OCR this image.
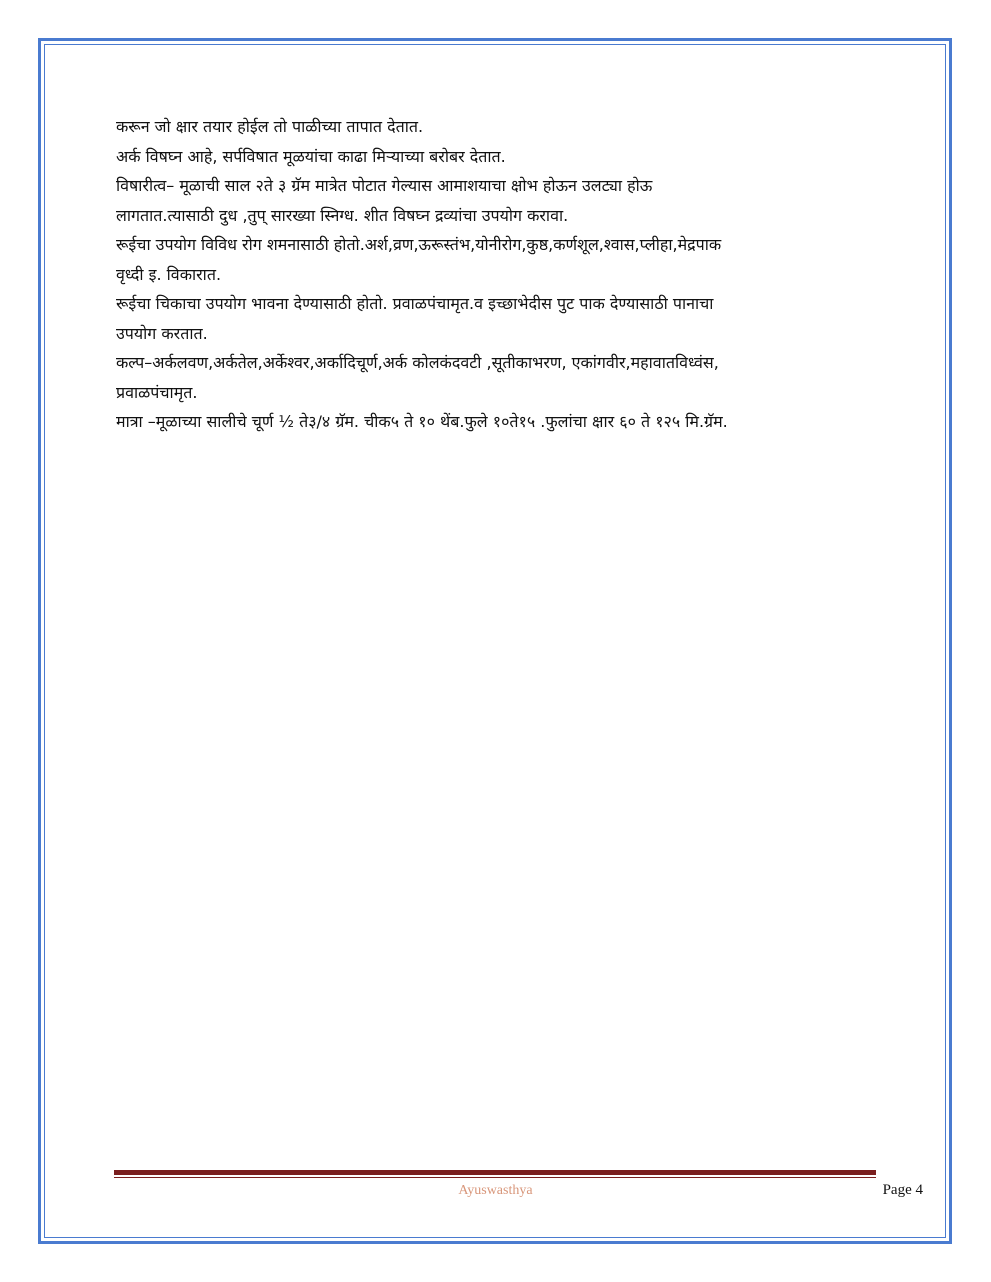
करून जो क्षार तयार होईल तो पाळीच्या तापात देतात.

अर्क विषघ्न आहे, सर्पविषात मूळयांचा काढा मिऱ्याच्या बरोबर देतात.

विषारीत्व– मूळाची साल २ते ३ ग्रॅम मात्रेत पोटात गेल्यास आमाशयाचा क्षोभ होऊन उलट्या होऊ

लागतात.त्यासाठी दुध ,तुप् सारख्या स्निग्ध. शीत विषघ्न द्रव्यांचा उपयोग करावा.

रूईचा उपयोग विविध रोग शमनासाठी होतो.अर्श,व्रण,ऊरूस्तंभ,योनीरोग,कुष्ठ,कर्णशूल,श्वास,प्लीहा,मेद्रपाक

वृध्दी इ. विकारात.

रूईचा चिकाचा उपयोग भावना देण्यासाठी होतो. प्रवाळपंचामृत.व इच्छाभेदीस पुट पाक देण्यासाठी पानाचा

उपयोग करतात.

कल्प–अर्कलवण,अर्कतेल,अर्केश्वर,अर्कादिचूर्ण,अर्क कोलकंदवटी ,सूतीकाभरण, एकांगवीर,महावातविध्वंस,

प्रवाळपंचामृत.

मात्रा –मूळाच्या सालीचे चूर्ण ½ ते३/४ ग्रॅम. चीक५ ते १० थेंब.फुले १०ते१५ .फुलांचा क्षार ६० ते १२५ मि.ग्रॅम.

Ayuswasthya	Page 4
